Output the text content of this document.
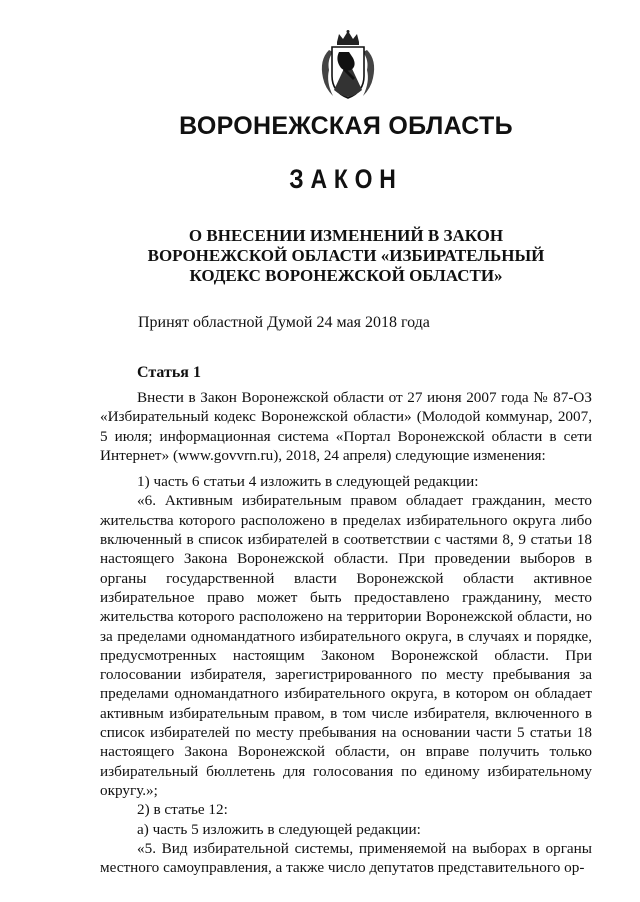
ВОРОНЕЖСКАЯ ОБЛАСТЬ
ЗАКОН
О ВНЕСЕНИИ ИЗМЕНЕНИЙ В ЗАКОН
ВОРОНЕЖСКОЙ ОБЛАСТИ «ИЗБИРАТЕЛЬНЫЙ
КОДЕКС ВОРОНЕЖСКОЙ ОБЛАСТИ»

Принят областной Думой 24 мая 2018 года

Статья 1

Внести в Закон Воронежской области от 27 июня 2007 года № 87-ОЗ «Избирательный кодекс Воронежской области» (Молодой коммунар, 2007, 5 июля; информационная система «Портал Воронежской области в сети Интернет» (www.govvrn.ru), 2018, 24 апреля) следующие изменения:

1) часть 6 статьи 4 изложить в следующей редакции:

«6. Активным избирательным правом обладает гражданин, место жительства которого расположено в пределах избирательного округа либо включенный в список избирателей в соответствии с частями 8, 9 статьи 18 настоящего Закона Воронежской области. При проведении выборов в органы государственной власти Воронежской области активное избирательное право может быть предоставлено гражданину, место жительства которого расположено на территории Воронежской области, но за пределами одномандатного избирательного округа, в случаях и порядке, предусмотренных настоящим Законом Воронежской области. При голосовании избирателя, зарегистрированного по месту пребывания за пределами одномандатного избирательного округа, в котором он обладает активным избирательным правом, в том числе избирателя, включенного в список избирателей по месту пребывания на основании части 5 статьи 18 настоящего Закона Воронежской области, он вправе получить только избирательный бюллетень для голосования по единому избирательному округу.»;

2) в статье 12:

а) часть 5 изложить в следующей редакции:

«5. Вид избирательной системы, применяемой на выборах в органы местного самоуправления, а также число депутатов представительного ор-
